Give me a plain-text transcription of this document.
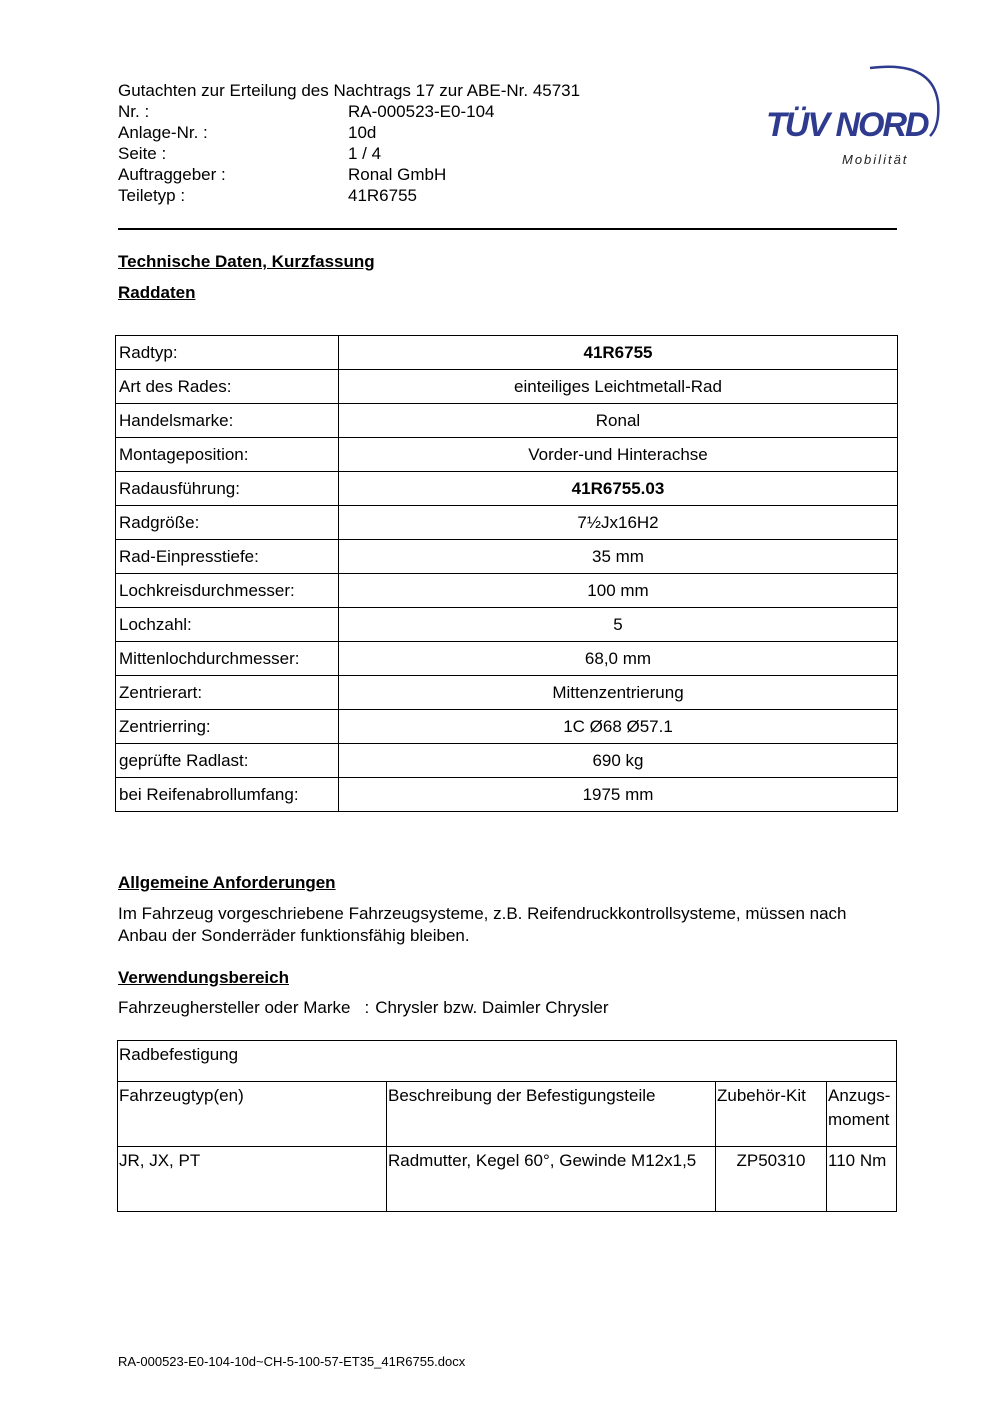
Gutachten zur Erteilung des Nachtrags 17 zur ABE-Nr. 45731
Nr. :	RA-000523-E0-104
Anlage-Nr. :	10d
Seite :	1 / 4
Auftraggeber :	Ronal GmbH
Teiletyp :	41R6755
TÜV NORD
Mobilität
Technische Daten, Kurzfassung
Raddaten
Radtyp:	41R6755
Art des Rades:	einteiliges Leichtmetall-Rad
Handelsmarke:	Ronal
Montageposition:	Vorder-und Hinterachse
Radausführung:	41R6755.03
Radgröße:	7½Jx16H2
Rad-Einpresstiefe:	35 mm
Lochkreisdurchmesser:	100 mm
Lochzahl:	5
Mittenlochdurchmesser:	68,0 mm
Zentrierart:	Mittenzentrierung
Zentrierring:	1C Ø68 Ø57.1
geprüfte Radlast:	690 kg
bei Reifenabrollumfang:	1975 mm
Allgemeine Anforderungen
Im Fahrzeug vorgeschriebene Fahrzeugsysteme, z.B. Reifendruckkontrollsysteme, müssen nach Anbau der Sonderräder funktionsfähig bleiben.
Verwendungsbereich
Fahrzeughersteller oder Marke : Chrysler bzw. Daimler Chrysler
Radbefestigung			
Fahrzeugtyp(en)	Beschreibung der Befestigungsteile	Zubehör-Kit	Anzugs-moment
JR, JX, PT	Radmutter, Kegel 60°, Gewinde M12x1,5	ZP50310	110 Nm
RA-000523-E0-104-10d~CH-5-100-57-ET35_41R6755.docx
